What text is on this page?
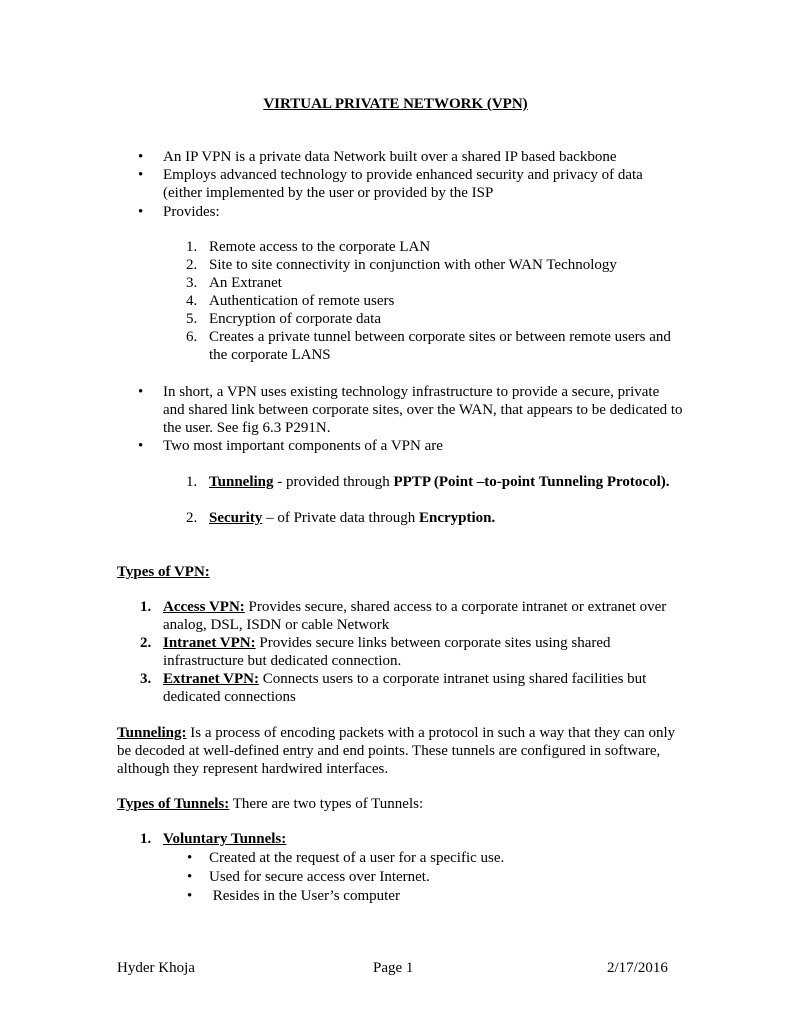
VIRTUAL PRIVATE NETWORK (VPN)
• An IP VPN is a private data Network built over a shared IP based backbone
• Employs advanced technology to provide enhanced security and privacy of data (either implemented by the user or provided by the ISP
• Provides:
1. Remote access to the corporate LAN
2. Site to site connectivity in conjunction with other WAN Technology
3. An Extranet
4. Authentication of remote users
5. Encryption of corporate data
6. Creates a private tunnel between corporate sites or between remote users and the corporate LANS
• In short, a VPN uses existing technology infrastructure to provide a secure, private and shared link between corporate sites, over the WAN, that appears to be dedicated to the user. See fig 6.3 P291N.
• Two most important components of a VPN are
1. Tunneling - provided through PPTP (Point –to-point Tunneling Protocol).
2. Security – of Private data through Encryption.
Types of VPN:
1. Access VPN: Provides secure, shared access to a corporate intranet or extranet over analog, DSL, ISDN or cable Network
2. Intranet VPN: Provides secure links between corporate sites using shared infrastructure but dedicated connection.
3. Extranet VPN: Connects users to a corporate intranet using shared facilities but dedicated connections
Tunneling: Is a process of encoding packets with a protocol in such a way that they can only be decoded at well-defined entry and end points. These tunnels are configured in software, although they represent hardwired interfaces.
Types of Tunnels: There are two types of Tunnels:
1. Voluntary Tunnels:
• Created at the request of a user for a specific use.
• Used for secure access over Internet.
• Resides in the User’s computer
Hyder Khoja	Page 1	2/17/2016
